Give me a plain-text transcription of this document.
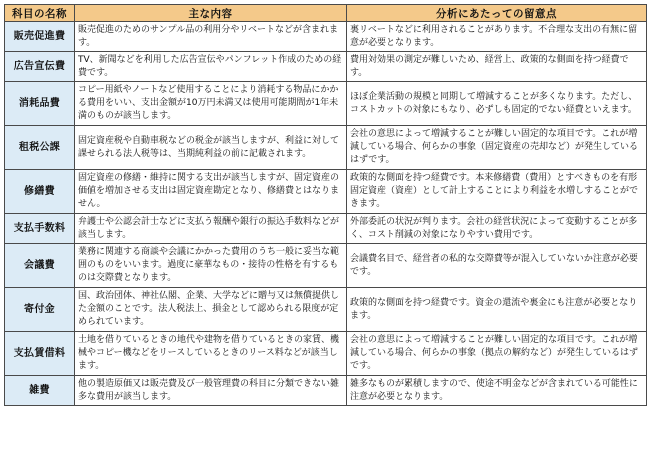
科目の名称	主な内容	分析にあたっての留意点
販売促進費	販売促進のためのサンプル品の利用分やリベートなどが含まれます。	裏リベートなどに利用されることがあります。不合理な支出の有無に留意が必要となります。
広告宣伝費	TV、新聞などを利用した広告宣伝やパンフレット作成のための経費です。	費用対効果の測定が難しいため、経営上、政策的な側面を持つ経費です。
消耗品費	コピー用紙やノートなど使用することにより消耗する物品にかかる費用をいい、支出金額が10万円未満又は使用可能期間が1年未満のものが該当します。	ほぼ企業活動の規模と同期して増減することが多くなります。ただし、コストカットの対象にもなり、必ずしも固定的でない経費といえます。
租税公課	固定資産税や自動車税などの税金が該当しますが、利益に対して課せられる法人税等は、当期純利益の前に記載されます。	会社の意思によって増減することが難しい固定的な項目です。これが増減している場合、何らかの事象（固定資産の売却など）が発生しているはずです。
修繕費	固定資産の修繕・維持に関する支出が該当しますが、固定資産の価値を増加させる支出は固定資産勘定となり、修繕費とはなりません。	政策的な側面を持つ経費です。本来修繕費（費用）とすべきものを有形固定資産（資産）として計上することにより利益を水増しすることができます。
支払手数料	弁護士や公認会計士などに支払う報酬や銀行の振込手数料などが該当します。	外部委託の状況が判ります。会社の経営状況によって変動することが多く、コスト削減の対象になりやすい費用です。
会議費	業務に関連する商談や会議にかかった費用のうち一般に妥当な範囲のものをいいます。過度に豪華なもの・接待の性格を有するものは交際費となります。	会議費名目で、経営者の私的な交際費等が混入していないか注意が必要です。
寄付金	国、政治団体、神社仏閣、企業、大学などに贈与又は無償提供した金額のことです。法人税法上、損金として認められる限度が定められています。	政策的な側面を持つ経費です。資金の還流や裏金にも注意が必要となります。
支払賃借料	土地を借りているときの地代や建物を借りているときの家賃、機械やコピー機などをリースしているときのリース料などが該当します。	会社の意思によって増減することが難しい固定的な項目です。これが増減している場合、何らかの事象（拠点の解約など）が発生しているはずです。
雑費	他の製造原価又は販売費及び一般管理費の科目に分類できない雑多な費用が該当します。	雑多なものが累積しますので、使途不明金などが含まれている可能性に注意が必要となります。
